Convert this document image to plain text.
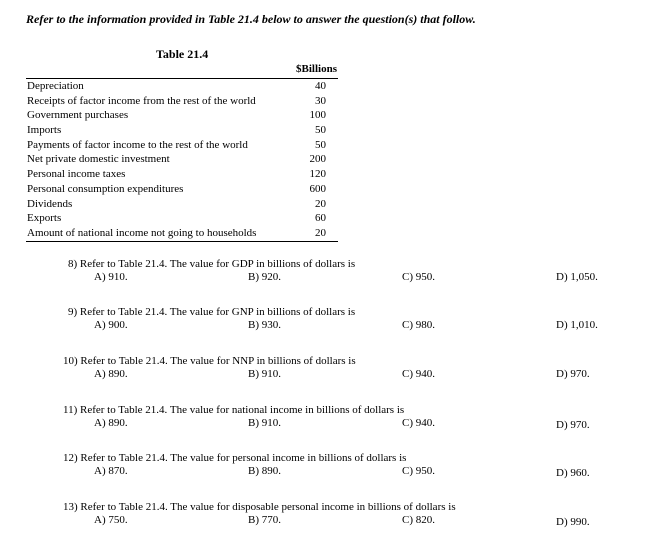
Refer to the information provided in Table 21.4 below to answer the question(s) that follow.
Table 21.4
$Billions
Depreciation	40
Receipts of factor income from the rest of the world	30
Government purchases	100
Imports	50
Payments of factor income to the rest of the world	50
Net private domestic investment	200
Personal income taxes	120
Personal consumption expenditures	600
Dividends	20
Exports	60
Amount of national income not going to households	20
8) Refer to Table 21.4. The value for GDP in billions of dollars is
A) 910.	B) 920.	C) 950.	D) 1,050.
9) Refer to Table 21.4. The value for GNP in billions of dollars is
A) 900.	B) 930.	C) 980.	D) 1,010.
10) Refer to Table 21.4. The value for NNP in billions of dollars is
A) 890.	B) 910.	C) 940.	D) 970.
11) Refer to Table 21.4. The value for national income in billions of dollars is
A) 890.	B) 910.	C) 940.	D) 970.
12) Refer to Table 21.4. The value for personal income in billions of dollars is
A) 870.	B) 890.	C) 950.	D) 960.
13) Refer to Table 21.4. The value for disposable personal income in billions of dollars is
A) 750.	B) 770.	C) 820.	D) 990.
